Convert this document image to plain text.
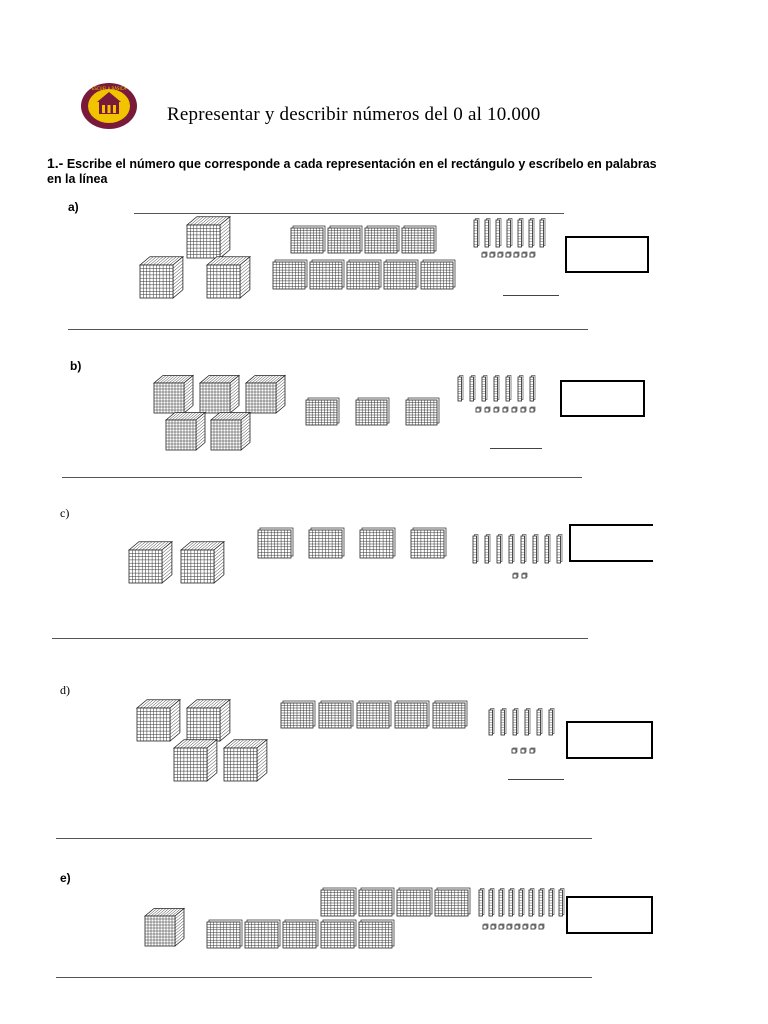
ESCUELA BÁSICA
Representar y describir números del 0 al 10.000
1.- Escribe el número que corresponde a cada representación en el rectángulo y escríbelo en palabras en la línea
a)
b)
c)
d)
e)
